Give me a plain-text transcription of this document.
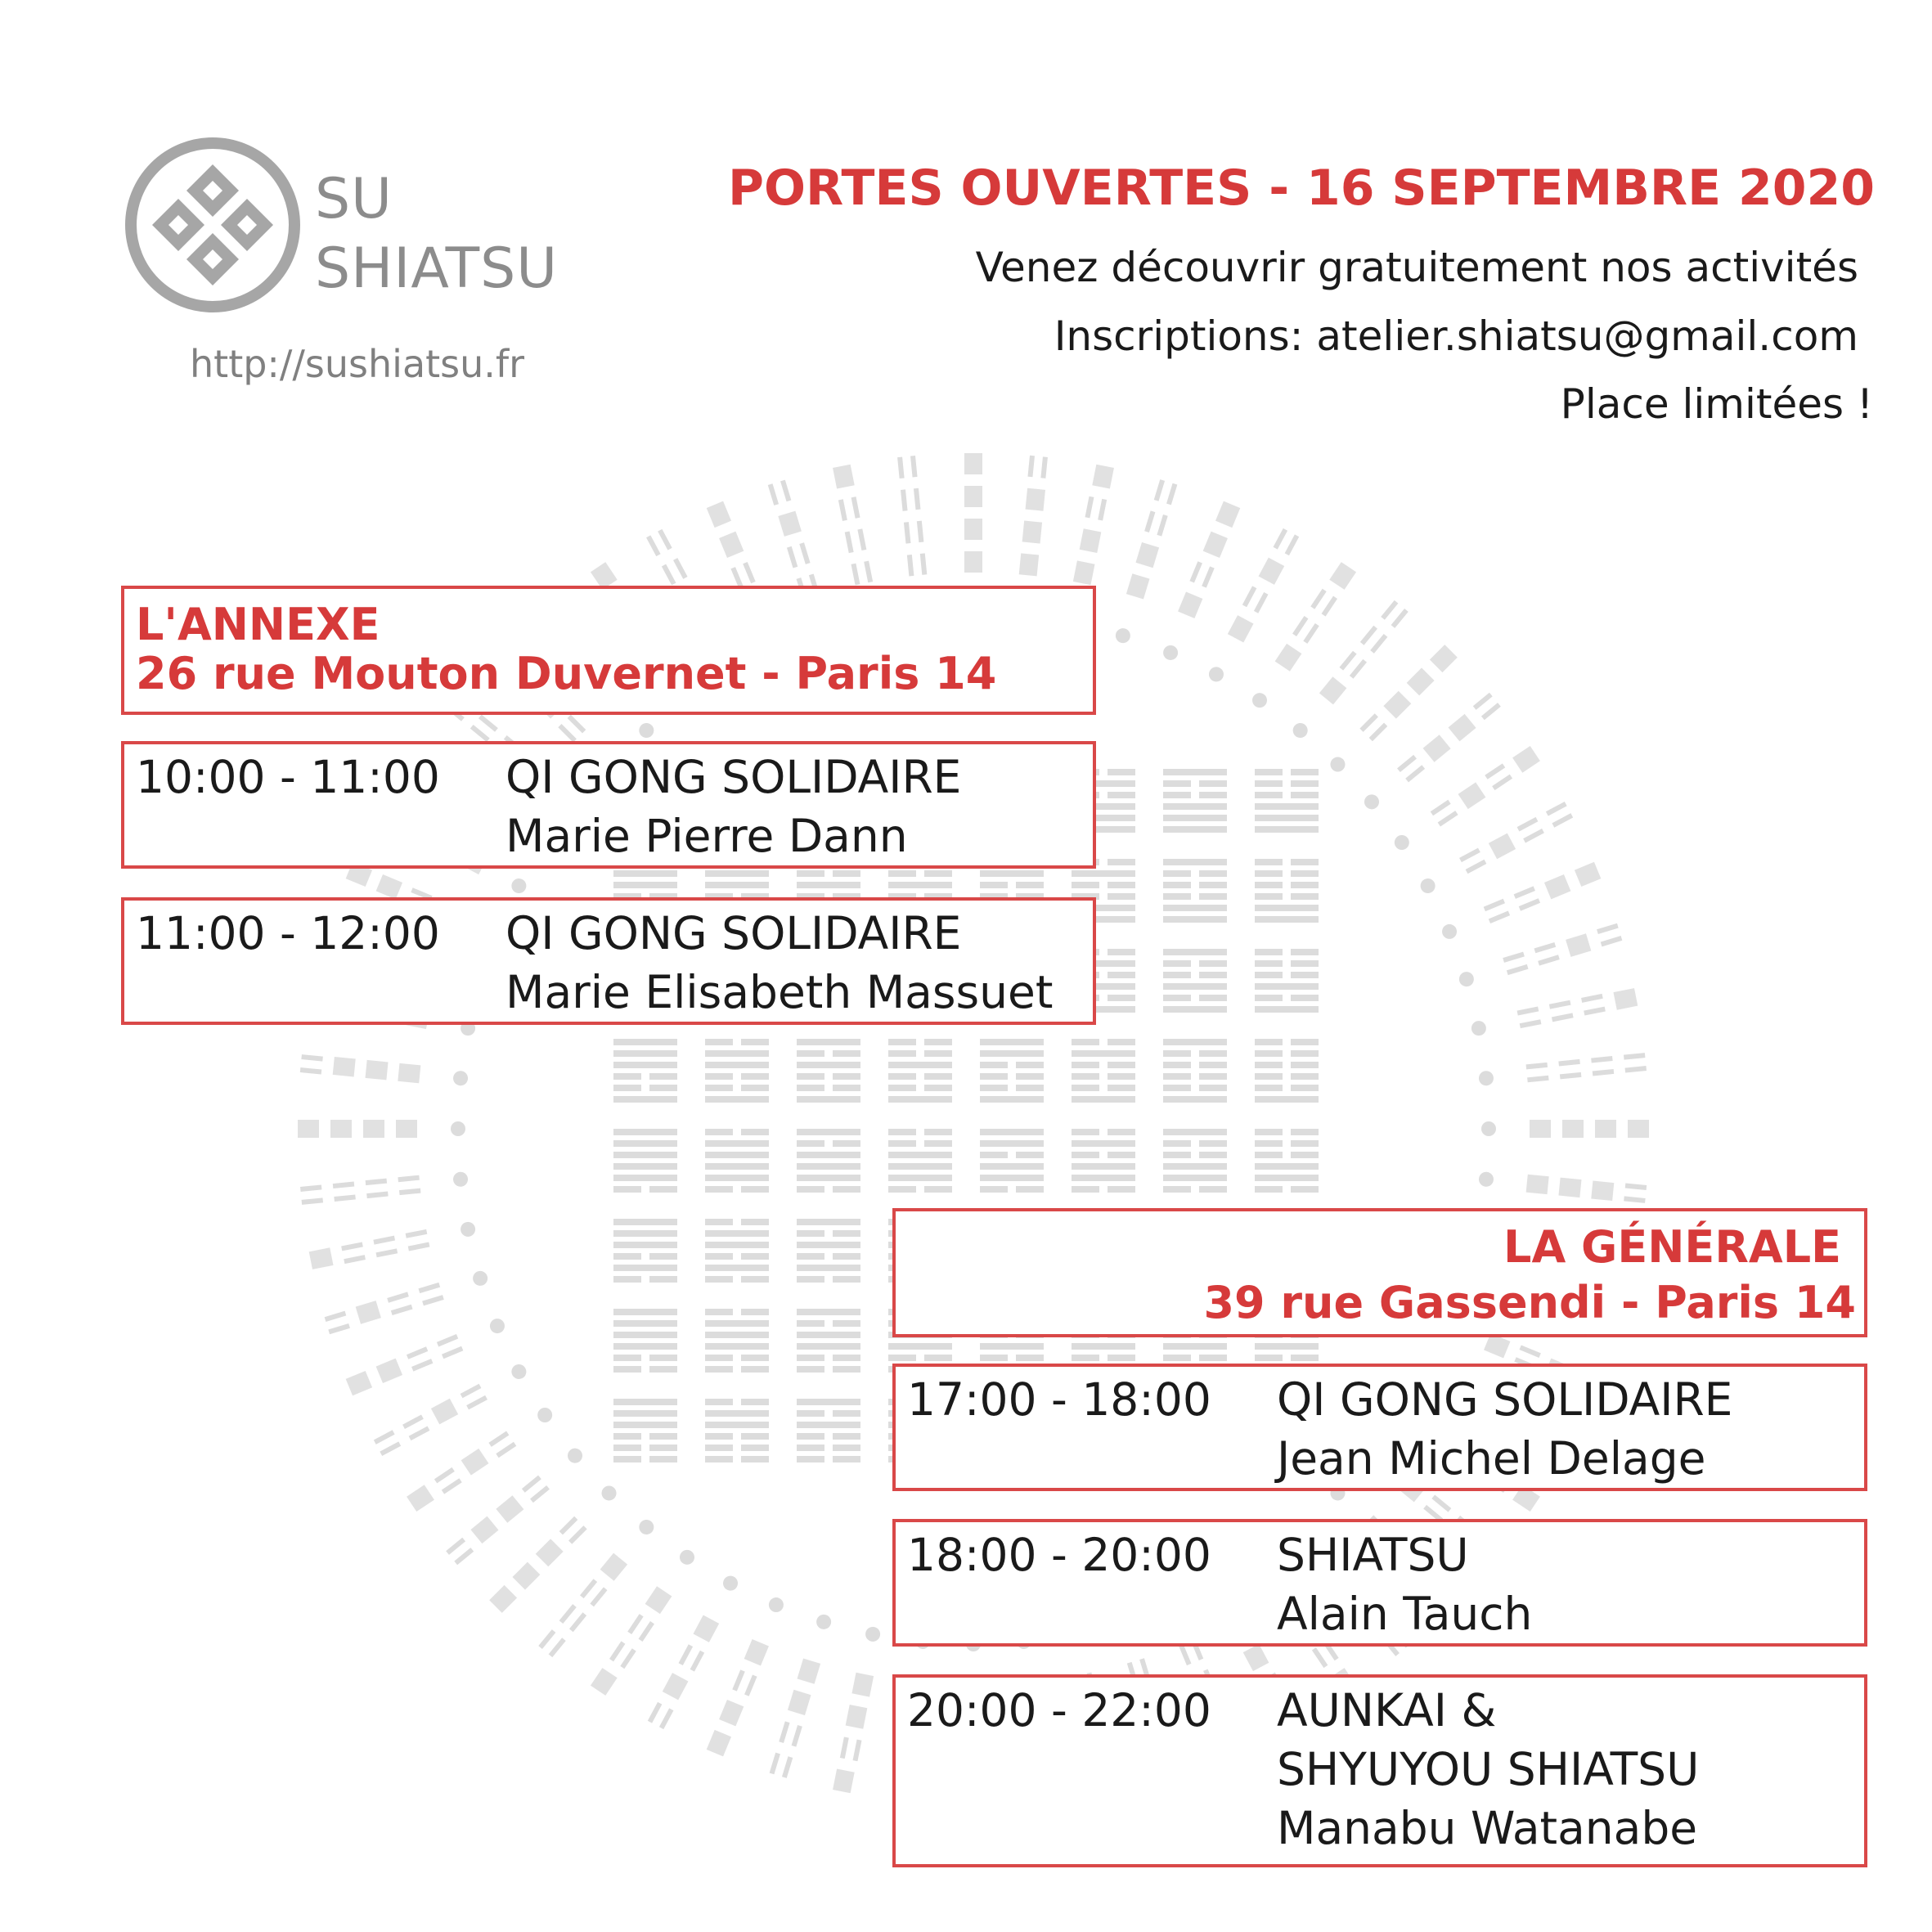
SU
SHIATSU
http://sushiatsu.fr
PORTES OUVERTES - 16 SEPTEMBRE 2020
Venez découvrir gratuitement nos activités
Inscriptions: atelier.shiatsu@gmail.com
Place limitées !
L'ANNEXE
26 rue Mouton Duvernet - Paris 14
10:00 - 11:00 QI GONG SOLIDAIRE
Marie Pierre Dann
11:00 - 12:00 QI GONG SOLIDAIRE
Marie Elisabeth Massuet
LA GÉNÉRALE
39 rue Gassendi - Paris 14
17:00 - 18:00 QI GONG SOLIDAIRE
Jean Michel Delage
18:00 - 20:00 SHIATSU
Alain Tauch
20:00 - 22:00 AUNKAI &
SHYUYOU SHIATSU
Manabu Watanabe
